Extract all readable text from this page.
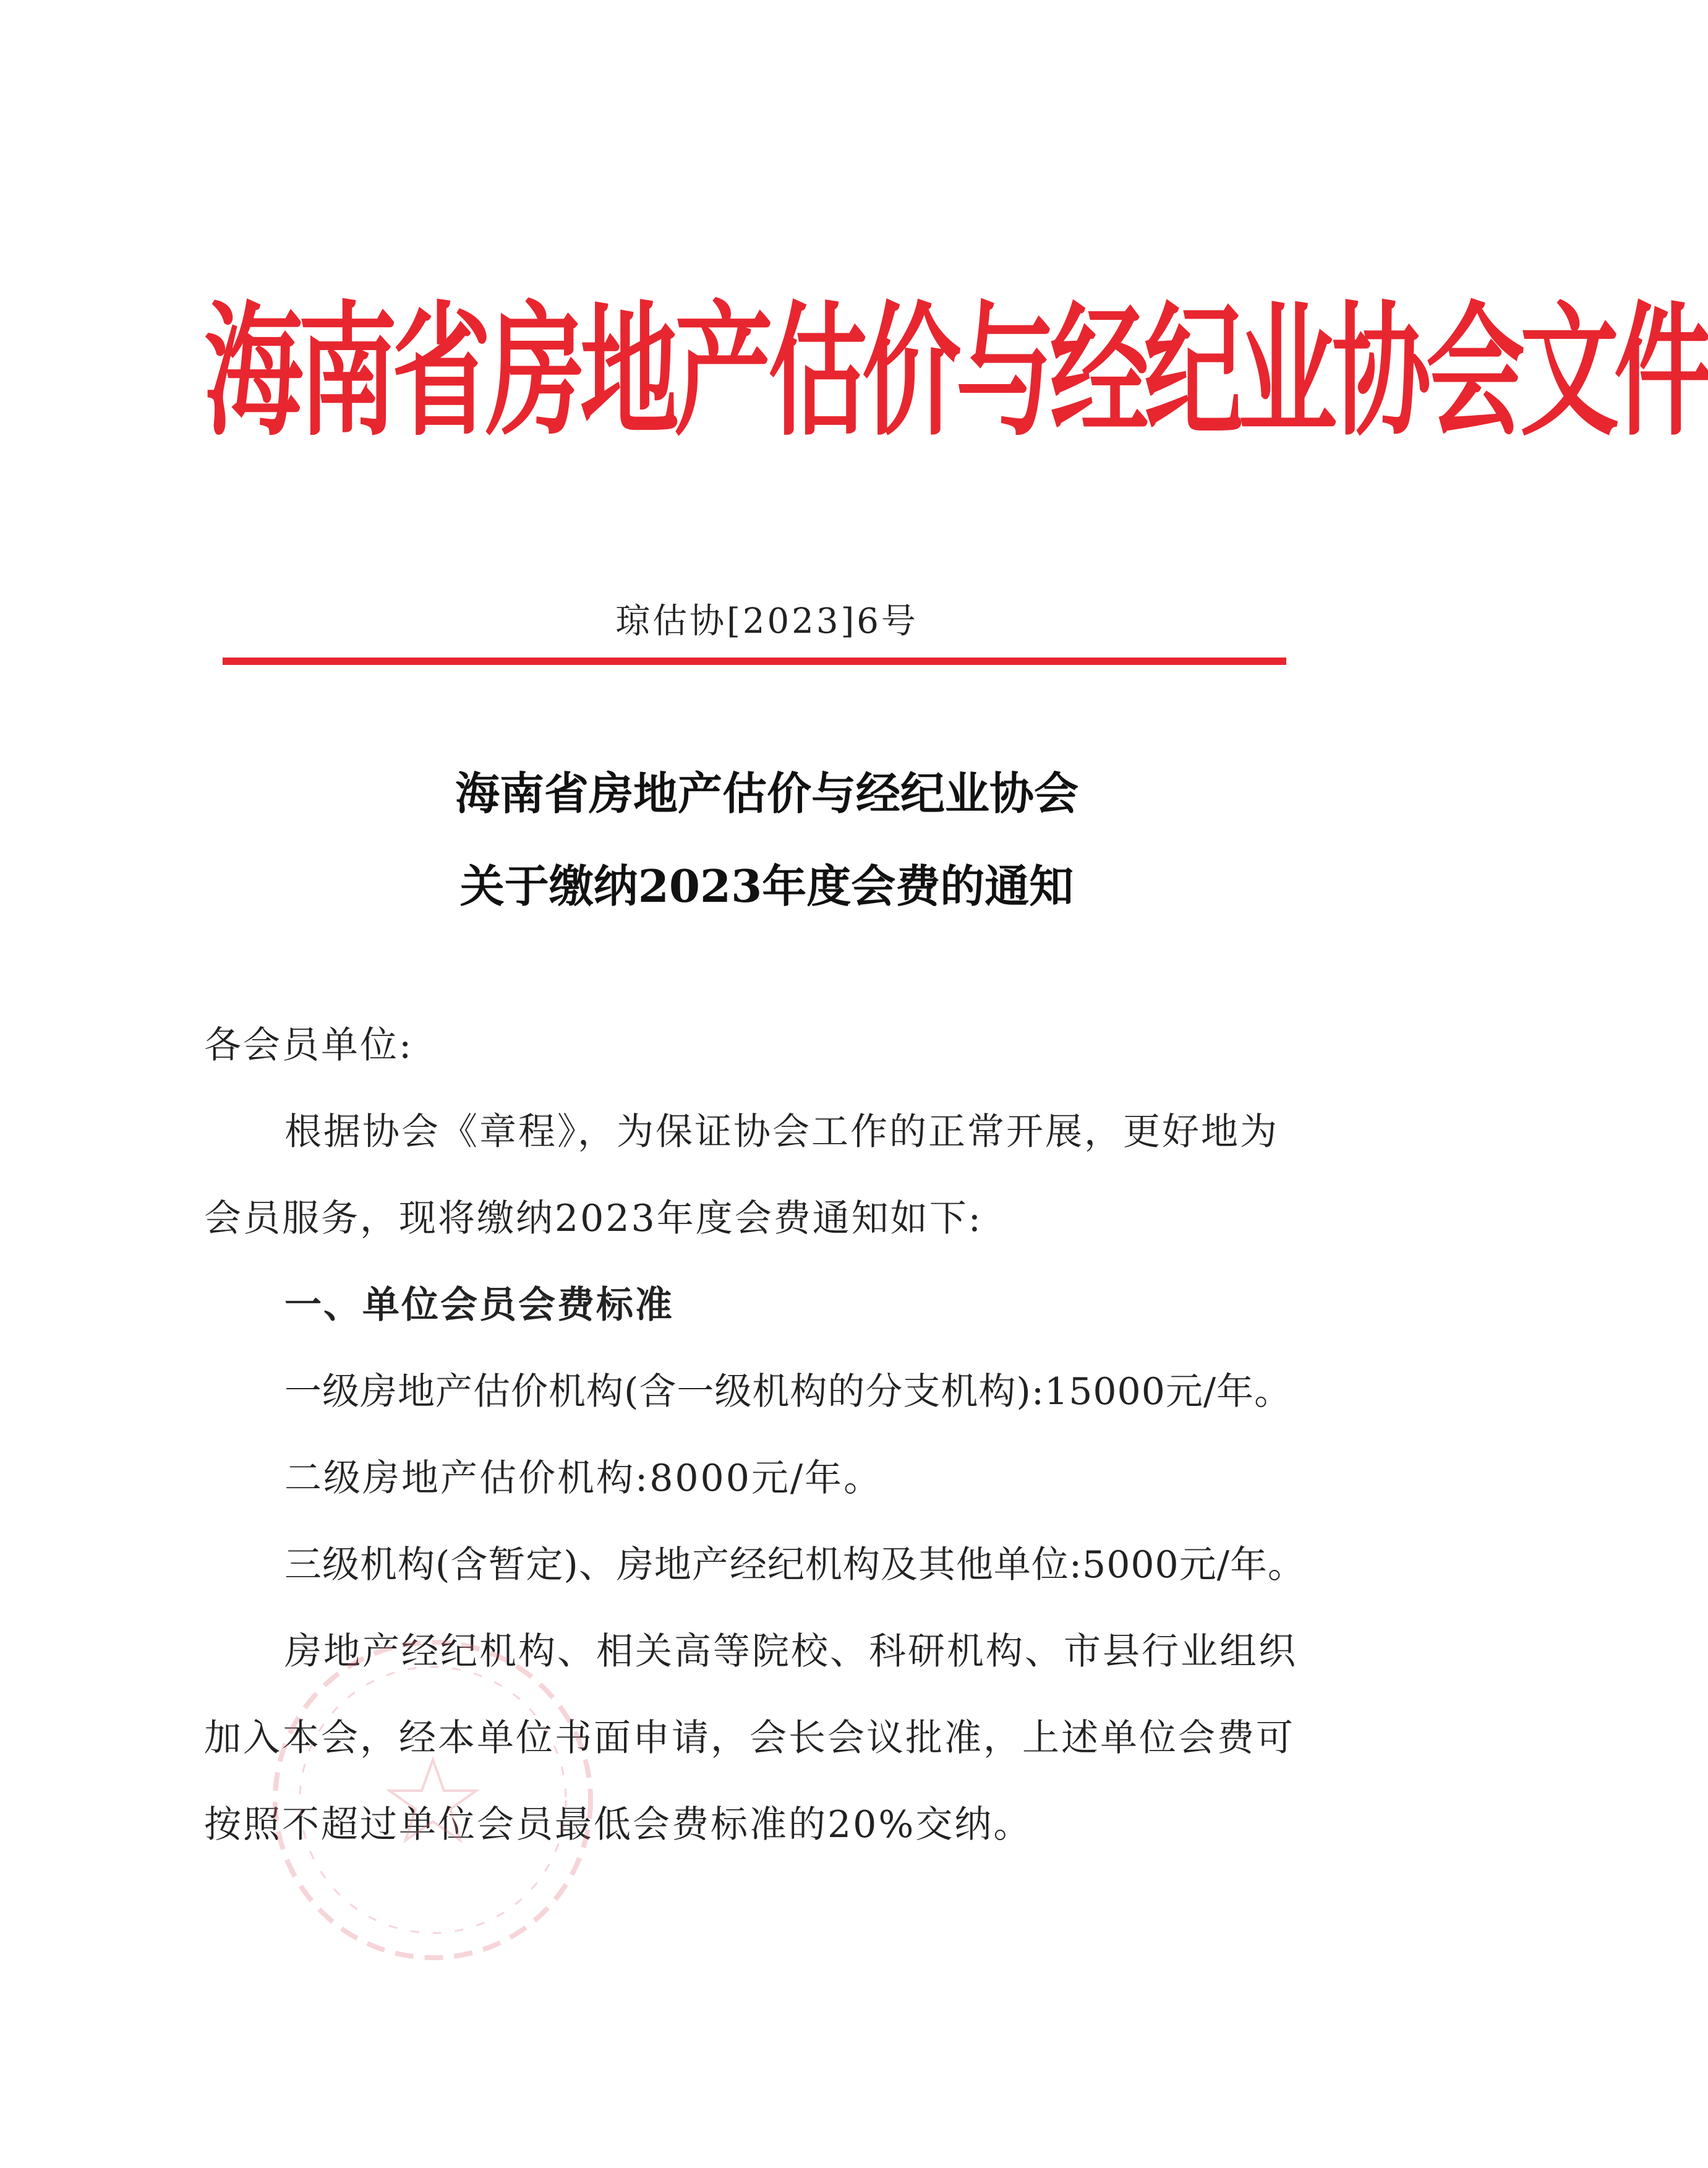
海南省房地产估价与经纪业协会文件
琼估协[2023]6号
海南省房地产估价与经纪业协会
关于缴纳2023年度会费的通知
各会员单位:
根据协会《章程》，为保证协会工作的正常开展，更好地为
会员服务，现将缴纳2023年度会费通知如下:
一、单位会员会费标准
一级房地产估价机构(含一级机构的分支机构):15000元/年。
二级房地产估价机构:8000元/年。
三级机构(含暂定)、房地产经纪机构及其他单位:5000元/年。
房地产经纪机构、相关高等院校、科研机构、市县行业组织
加入本会，经本单位书面申请，会长会议批准，上述单位会费可
按照不超过单位会员最低会费标准的20%交纳。
